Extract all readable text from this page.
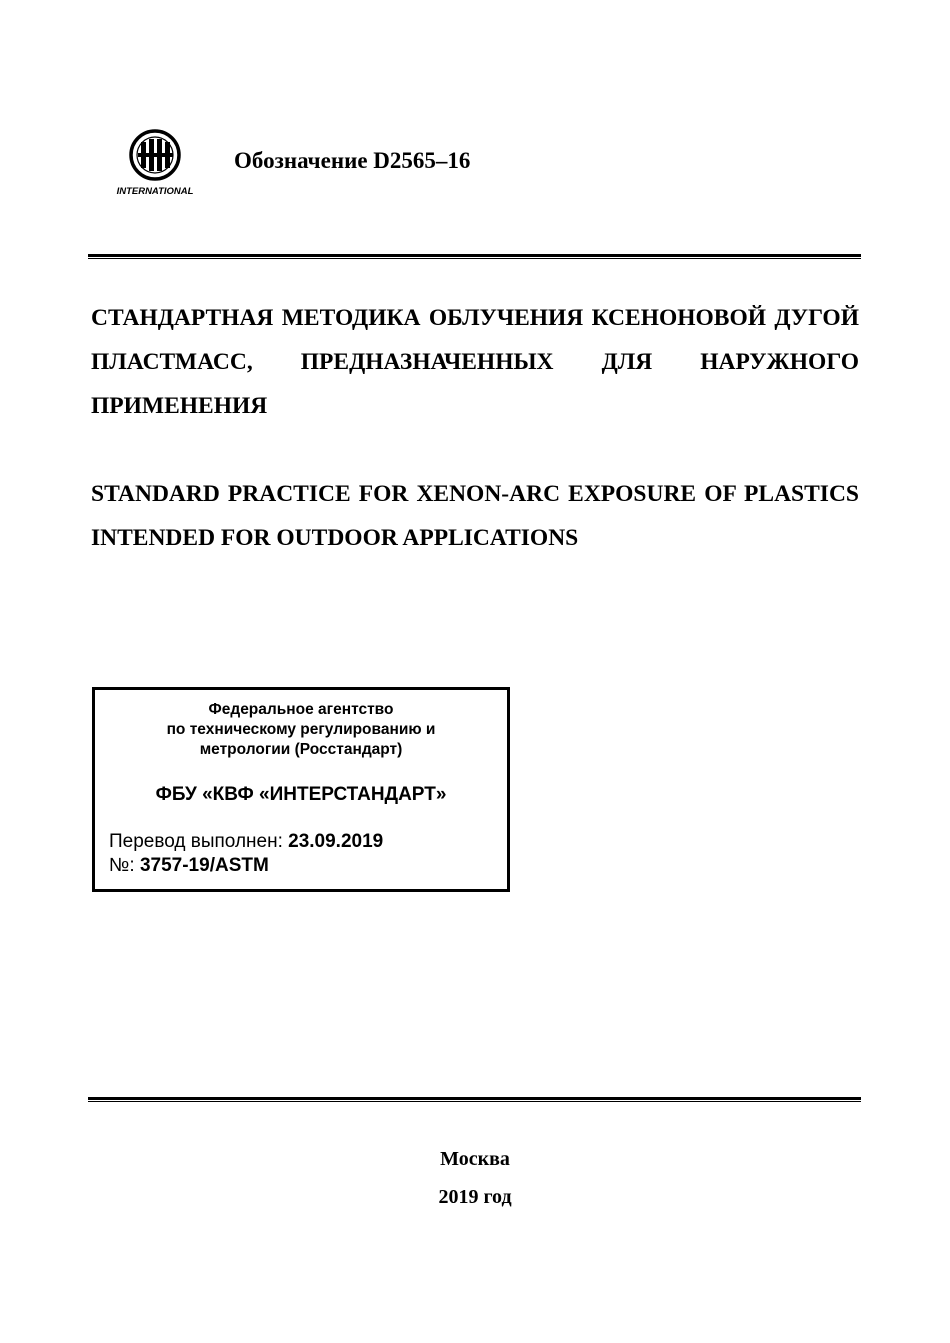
INTERNATIONAL
Обозначение D2565–16
СТАНДАРТНАЯ МЕТОДИКА ОБЛУЧЕНИЯ КСЕНОНОВОЙ ДУГОЙ ПЛАСТМАСС, ПРЕДНАЗНАЧЕННЫХ ДЛЯ НАРУЖНОГО ПРИМЕНЕНИЯ
STANDARD PRACTICE FOR XENON-ARC EXPOSURE OF PLASTICS INTENDED FOR OUTDOOR APPLICATIONS
Федеральное агентство
по техническому регулированию и
метрологии (Росстандарт)
ФБУ «КВФ «ИНТЕРСТАНДАРТ»
Перевод выполнен: 23.09.2019
№: 3757-19/ASTM
Москва
2019 год
